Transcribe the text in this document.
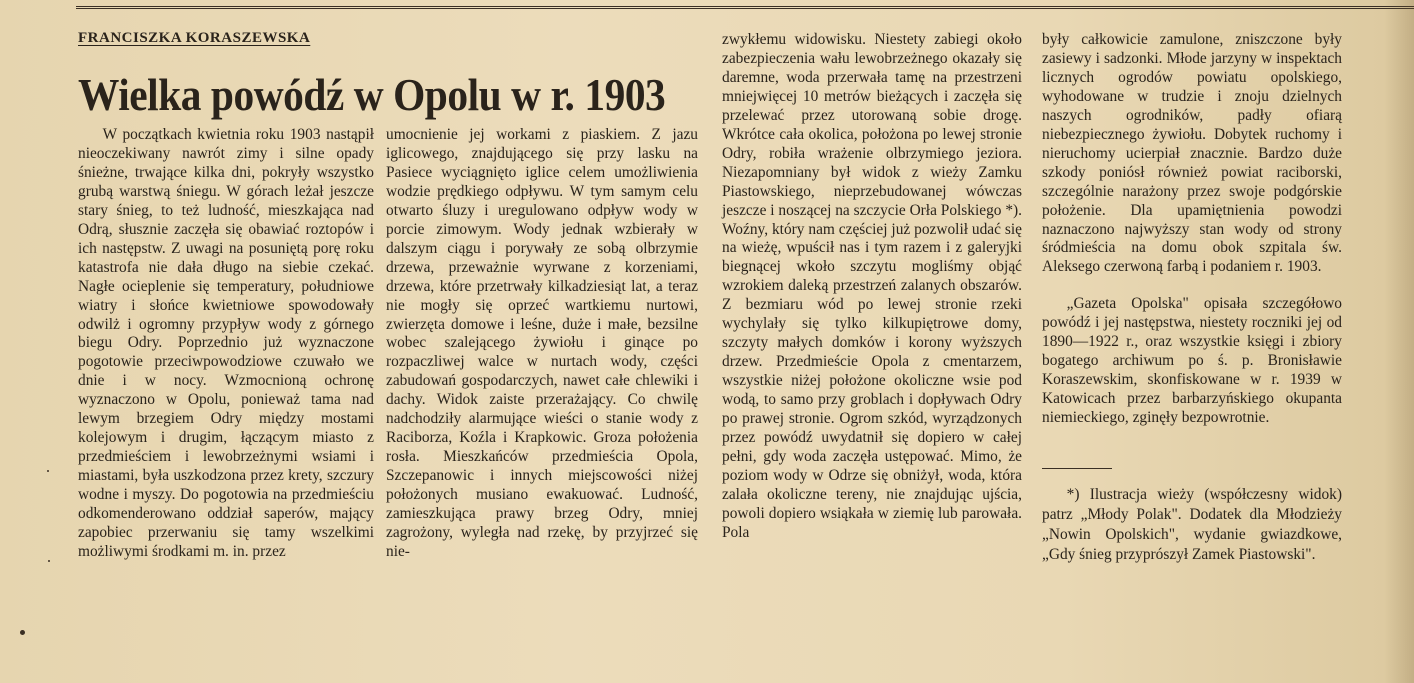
FRANCISZKA KORASZEWSKA
Wielka powódź w Opolu w r. 1903

W początkach kwietnia roku 1903 nastąpił nieoczekiwany nawrót zimy i silne opady śnieżne, trwające kilka dni, pokryły wszystko grubą warstwą śniegu. W górach leżał jeszcze stary śnieg, to też ludność, mieszkająca nad Odrą, słusznie zaczęła się obawiać roztopów i ich następstw. Z uwagi na posuniętą porę roku katastrofa nie dała długo na siebie czekać. Nagłe ocieplenie się temperatury, południowe wiatry i słońce kwietniowe spowodowały odwilż i ogromny przypływ wody z górnego biegu Odry. Poprzednio już wyznaczone pogotowie przeciwpowodziowe czuwało we dnie i w nocy. Wzmocnioną ochronę wyznaczono w Opolu, ponieważ tama nad lewym brzegiem Odry między mostami kolejowym i drugim, łączącym miasto z przedmieściem i lewobrzeżnymi wsiami i miastami, była uszkodzona przez krety, szczury wodne i myszy. Do pogotowia na przedmieściu odkomenderowano oddział saperów, mający zapobiec przerwaniu się tamy wszelkimi możliwymi środkami m. in. przez

umocnienie jej workami z piaskiem. Z jazu iglicowego, znajdującego się przy lasku na Pasiece wyciągnięto iglice celem umożliwienia wodzie prędkiego odpływu. W tym samym celu otwarto śluzy i uregulowano odpływ wody w porcie zimowym. Wody jednak wzbierały w dalszym ciągu i porywały ze sobą olbrzymie drzewa, przeważnie wyrwane z korzeniami, drzewa, które przetrwały kilkadziesiąt lat, a teraz nie mogły się oprzeć wartkiemu nurtowi, zwierzęta domowe i leśne, duże i małe, bezsilne wobec szalejącego żywiołu i ginące po rozpaczliwej walce w nurtach wody, części zabudowań gospodarczych, nawet całe chlewiki i dachy. Widok zaiste przerażający. Co chwilę nadchodziły alarmujące wieści o stanie wody z Raciborza, Koźla i Krapkowic. Groza położenia rosła. Mieszkańców przedmieścia Opola, Szczepanowic i innych miejscowości niżej położonych musiano ewakuować. Ludność, zamieszkująca prawy brzeg Odry, mniej zagrożony, wyległa nad rzekę, by przyjrzeć się nie-

zwykłemu widowisku. Niestety zabiegi około zabezpieczenia wału lewobrzeżnego okazały się daremne, woda przerwała tamę na przestrzeni mniejwięcej 10 metrów bieżących i zaczęła się przelewać przez utorowaną sobie drogę. Wkrótce cała okolica, położona po lewej stronie Odry, robiła wrażenie olbrzymiego jeziora. Niezapomniany był widok z wieży Zamku Piastowskiego, nieprzebudowanej wówczas jeszcze i noszącej na szczycie Orła Polskiego *). Woźny, który nam częściej już pozwolił udać się na wieżę, wpuścił nas i tym razem i z galeryjki biegnącej wkoło szczytu mogliśmy objąć wzrokiem daleką przestrzeń zalanych obszarów. Z bezmiaru wód po lewej stronie rzeki wychylały się tylko kilkupiętrowe domy, szczyty małych domków i korony wyższych drzew. Przedmieście Opola z cmentarzem, wszystkie niżej położone okoliczne wsie pod wodą, to samo przy groblach i dopływach Odry po prawej stronie. Ogrom szkód, wyrządzonych przez powódź uwydatnił się dopiero w całej pełni, gdy woda zaczęła ustępować. Mimo, że poziom wody w Odrze się obniżył, woda, która zalała okoliczne tereny, nie znajdując ujścia, powoli dopiero wsiąkała w ziemię lub parowała. Pola

były całkowicie zamulone, zniszczone były zasiewy i sadzonki. Młode jarzyny w inspektach licznych ogrodów powiatu opolskiego, wyhodowane w trudzie i znoju dzielnych naszych ogrodników, padły ofiarą niebezpiecznego żywiołu. Dobytek ruchomy i nieruchomy ucierpiał znacznie. Bardzo duże szkody poniósł również powiat raciborski, szczególnie narażony przez swoje podgórskie położenie. Dla upamiętnienia powodzi naznaczono najwyższy stan wody od strony śródmieścia na domu obok szpitala św. Aleksego czerwoną farbą i podaniem r. 1903.

„Gazeta Opolska" opisała szczegółowo powódź i jej następstwa, niestety roczniki jej od 1890—1922 r., oraz wszystkie księgi i zbiory bogatego archiwum po ś. p. Bronisławie Koraszewskim, skonfiskowane w r. 1939 w Katowicach przez barbarzyńskiego okupanta niemieckiego, zginęły bezpowrotnie.

*) Ilustracja wieży (współczesny widok) patrz „Młody Polak". Dodatek dla Młodzieży „Nowin Opolskich", wydanie gwiazdkowe, „Gdy śnieg przyprószył Zamek Piastowski".
